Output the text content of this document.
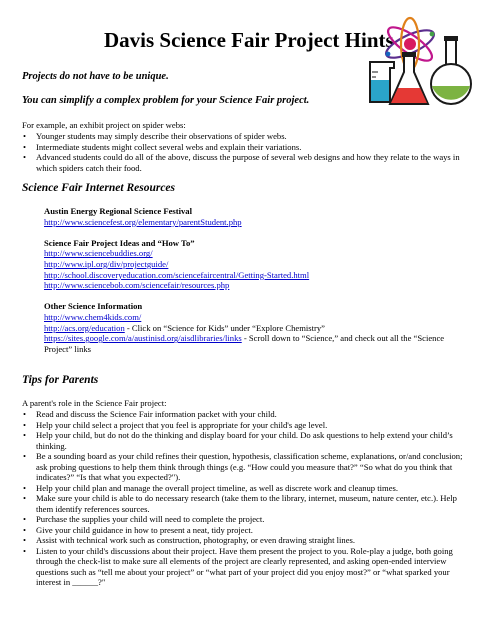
Davis Science Fair Project Hints

Projects do not have to be unique.

You can simplify a complex problem for your Science Fair project.

For example, an exhibit project on spider webs:

• Younger students may simply describe their observations of spider webs.
• Intermediate students might collect several webs and explain their variations.
• Advanced students could do all of the above, discuss the purpose of several web designs and how they relate to the ways in which spiders catch their food.
Science Fair Internet Resources
Austin Energy Regional Science Festival
http://www.sciencefest.org/elementary/parentStudent.php
Science Fair Project Ideas and “How To”
http://www.sciencebuddies.org/
http://www.ipl.org/div/projectguide/
http://school.discoveryeducation.com/sciencefaircentral/Getting-Started.html
http://www.sciencebob.com/sciencefair/resources.php
Other Science Information
http://www.chem4kids.com/
http://acs.org/education - Click on “Science for Kids” under “Explore Chemistry”
https://sites.google.com/a/austinisd.org/aisdlibraries/links - Scroll down to “Science,” and check out all the “Science Project” links
Tips for Parents

A parent's role in the Science Fair project:

• Read and discuss the Science Fair information packet with your child.
• Help your child select a project that you feel is appropriate for your child's age level.
• Help your child, but do not do the thinking and display board for your child. Do ask questions to help extend your child’s thinking.
• Be a sounding board as your child refines their question, hypothesis, classification scheme, explanations, or/and conclusion; ask probing questions to help them think through things (e.g. “How could you measure that?” “So what do you think that indicates?” “Is that what you expected?").
• Help your child plan and manage the overall project timeline, as well as discrete work and cleanup times.
• Make sure your child is able to do necessary research (take them to the library, internet, museum, nature center, etc.). Help them identify references sources.
• Purchase the supplies your child will need to complete the project.
• Give your child guidance in how to present a neat, tidy project.
• Assist with technical work such as construction, photography, or even drawing straight lines.
• Listen to your child's discussions about their project. Have them present the project to you. Role-play a judge, both going through the check-list to make sure all elements of the project are clearly represented, and asking open-ended interview questions such as “tell me about your project” or “what part of your project did you enjoy most?” or “what sparked your interest in ______?"
